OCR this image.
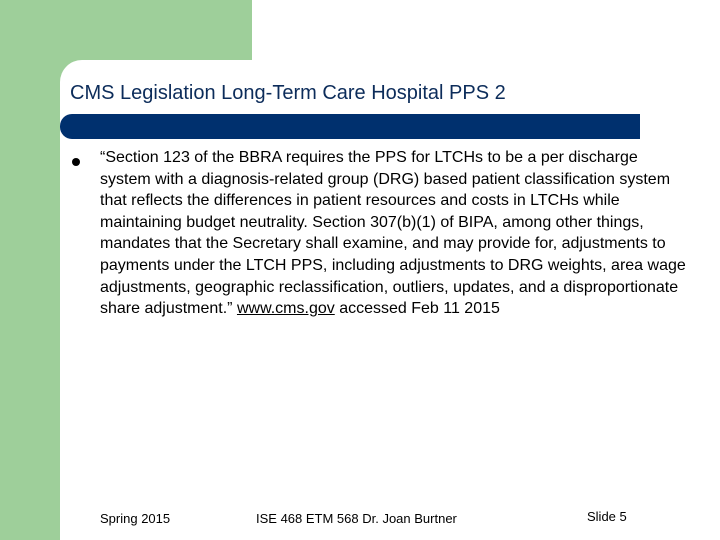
CMS Legislation Long-Term Care Hospital PPS 2

“Section 123 of the BBRA requires the PPS for LTCHs to be a per discharge system with a diagnosis-related group (DRG) based patient classification system that reflects the differences in patient resources and costs in LTCHs while maintaining budget neutrality. Section 307(b)(1) of BIPA, among other things, mandates that the Secretary shall examine, and may provide for, adjustments to payments under the LTCH PPS, including adjustments to DRG weights, area wage adjustments, geographic reclassification, outliers, updates, and a disproportionate share adjustment.” www.cms.gov accessed Feb 11 2015

Spring 2015	ISE 468 ETM 568 Dr. Joan Burtner	Slide 5
